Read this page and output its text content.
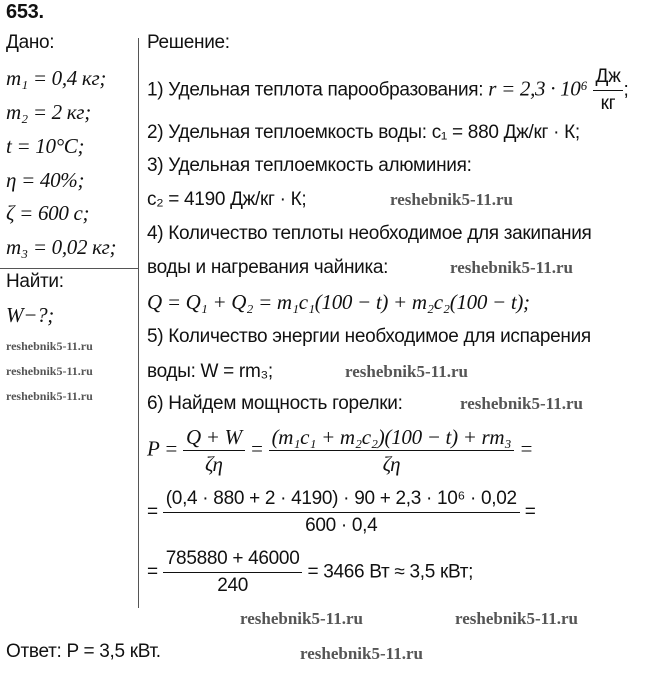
653.
Дано:
m₁ = 0,4 кг;
m₂ = 2 кг;
t = 10°C;
η = 40%;
ζ = 600 c;
m₃ = 0,02 кг;
Найти:
W−?;
Решение:
1) Удельная теплота парообразования: $r = 2,3 \cdot 10^6 \frac{Дж}{кг}$ ;
2) Удельная теплоемкость воды: c₁ = 880 Дж/кг · К;
3) Удельная теплоемкость алюминия:
c₂ = 4190 Дж/кг · К;
4) Количество теплоты необходимое для закипания
воды и нагревания чайника:
Q = Q₁ + Q₂ = m₁c₁(100 − t) + m₂c₂(100 − t);
5) Количество энергии необходимое для испарения
воды: W = rm₃;
6) Найдем мощность горелки:
$P = \frac{Q + W}{\zeta\eta} = \frac{\text{(m₁c₁ + m₂c₂)(100 − t) + rm₃}}{\zeta\eta}$ =
= $\frac{\text{(0,4 · 880 + 2 · 4190) · 90 + 2,3 · 10⁶ · 0,02}}{600 \cdot 0,4}$ =
= $\frac{785880 + 46000}{240} = 3466$ Вт ≈ 3,5 кВт;
Ответ: P = 3,5 кВт.
reshebnik5-11.ru
reshebnik5-11.ru
reshebnik5-11.ru
reshebnik5-11.ru
reshebnik5-11.ru
reshebnik5-11.ru
reshebnik5-11.ru
reshebnik5-11.ru
reshebnik5-11.ru
reshebnik5-11.ru
